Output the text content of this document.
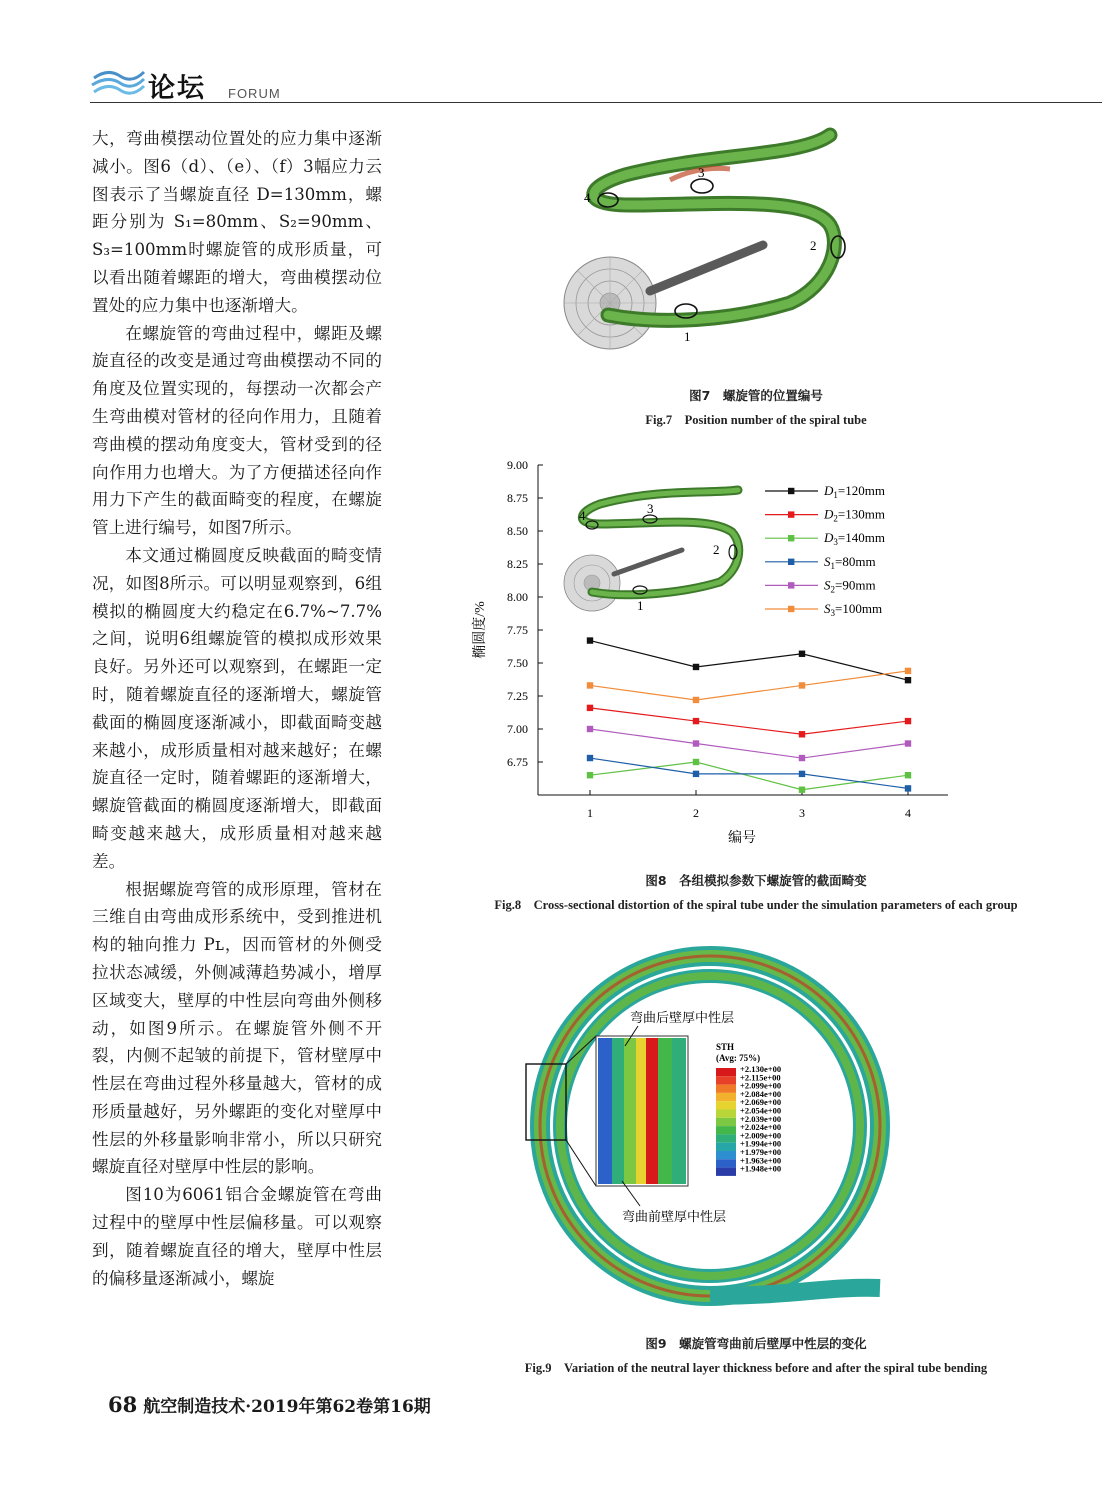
论坛 FORUM

大，弯曲模摆动位置处的应力集中逐渐减小。图6（d）、（e）、（f）3幅应力云图表示了当螺旋直径 D=130mm，螺距分别为 S₁=80mm、S₂=90mm、S₃=100mm时螺旋管的成形质量，可以看出随着螺距的增大，弯曲模摆动位置处的应力集中也逐渐增大。

在螺旋管的弯曲过程中，螺距及螺旋直径的改变是通过弯曲模摆动不同的角度及位置实现的，每摆动一次都会产生弯曲模对管材的径向作用力，且随着弯曲模的摆动角度变大，管材受到的径向作用力也增大。为了方便描述径向作用力下产生的截面畸变的程度，在螺旋管上进行编号，如图7所示。

本文通过椭圆度反映截面的畸变情况，如图8所示。可以明显观察到，6组模拟的椭圆度大约稳定在6.7%~7.7%之间，说明6组螺旋管的模拟成形效果良好。另外还可以观察到，在螺距一定时，随着螺旋直径的逐渐增大，螺旋管截面的椭圆度逐渐减小，即截面畸变越来越小，成形质量相对越来越好；在螺旋直径一定时，随着螺距的逐渐增大，螺旋管截面的椭圆度逐渐增大，即截面畸变越来越大，成形质量相对越来越差。

根据螺旋弯管的成形原理，管材在三维自由弯曲成形系统中，受到推进机构的轴向推力 Pʟ，因而管材的外侧受拉状态减缓，外侧减薄趋势减小，增厚区域变大，壁厚的中性层向弯曲外侧移动，如图9所示。在螺旋管外侧不开裂，内侧不起皱的前提下，管材壁厚中性层在弯曲过程外移量越大，管材的成形质量越好，另外螺距的变化对壁厚中性层的外移量影响非常小，所以只研究螺旋直径对壁厚中性层的影响。

图10为6061铝合金螺旋管在弯曲过程中的壁厚中性层偏移量。可以观察到，随着螺旋直径的增大，壁厚中性层的偏移量逐渐减小，螺旋

1
2
3
4
图7　螺旋管的位置编号
Fig.7　Position number of the spiral tube
6.75
7.00
7.25
7.50
7.75
8.00
8.25
8.50
8.75
9.00
1	2	3	4
1
2
3
4
$D_1=120mm$
$D_2=130mm$
$D_3=140mm$
$S_1=80mm$
$S_2=90mm$
$S_3=100mm$
编号
椭圆度/%
图8　各组模拟参数下螺旋管的截面畸变
Fig.8　Cross-sectional distortion of the spiral tube under the simulation parameters of each group
弯曲后壁厚中性层
弯曲前壁厚中性层
STH
(Avg: 75%)
+2.130e+00
+2.115e+00
+2.099e+00
+2.084e+00
+2.069e+00
+2.054e+00
+2.039e+00
+2.024e+00
+2.009e+00
+1.994e+00
+1.979e+00
+1.963e+00
+1.948e+00
图9　螺旋管弯曲前后壁厚中性层的变化
Fig.9　Variation of the neutral layer thickness before and after the spiral tube bending
68 航空制造技术·2019年第62卷第16期
